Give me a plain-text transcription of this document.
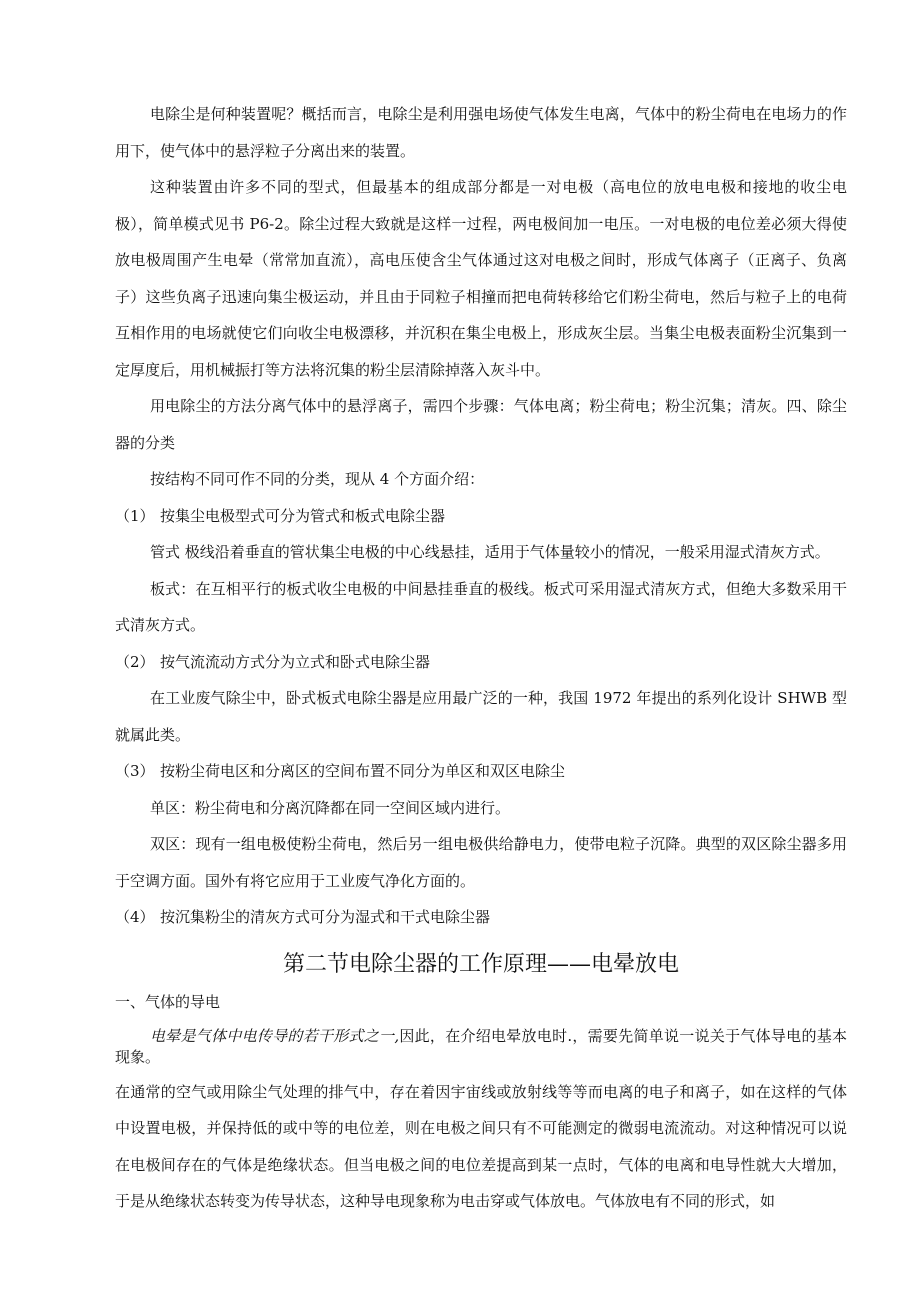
电除尘是何种装置呢？概括而言，电除尘是利用强电场使气体发生电离，气体中的粉尘荷电在电场力的作用下，使气体中的悬浮粒子分离出来的装置。

这种装置由许多不同的型式，但最基本的组成部分都是一对电极（高电位的放电电极和接地的收尘电极），简单模式见书 P6-2。除尘过程大致就是这样一过程，两电极间加一电压。一对电极的电位差必须大得使放电极周围产生电晕（常常加直流），高电压使含尘气体通过这对电极之间时，形成气体离子（正离子、负离子）这些负离子迅速向集尘极运动，并且由于同粒子相撞而把电荷转移给它们粉尘荷电，然后与粒子上的电荷互相作用的电场就使它们向收尘电极漂移，并沉积在集尘电极上，形成灰尘层。当集尘电极表面粉尘沉集到一定厚度后，用机械振打等方法将沉集的粉尘层清除掉落入灰斗中。

用电除尘的方法分离气体中的悬浮离子，需四个步骤：气体电离；粉尘荷电；粉尘沉集；清灰。四、除尘器的分类

按结构不同可作不同的分类，现从 4 个方面介绍：

（1） 按集尘电极型式可分为管式和板式电除尘器

管式 极线沿着垂直的管状集尘电极的中心线悬挂，适用于气体量较小的情况，一般采用湿式清灰方式。

板式：在互相平行的板式收尘电极的中间悬挂垂直的极线。板式可采用湿式清灰方式，但绝大多数采用干式清灰方式。

（2） 按气流流动方式分为立式和卧式电除尘器

在工业废气除尘中，卧式板式电除尘器是应用最广泛的一种，我国 1972 年提出的系列化设计 SHWB 型就属此类。

（3） 按粉尘荷电区和分离区的空间布置不同分为单区和双区电除尘

单区：粉尘荷电和分离沉降都在同一空间区域内进行。

双区：现有一组电极使粉尘荷电，然后另一组电极供给静电力，使带电粒子沉降。典型的双区除尘器多用于空调方面。国外有将它应用于工业废气净化方面的。

（4） 按沉集粉尘的清灰方式可分为湿式和干式电除尘器
第二节电除尘器的工作原理——电晕放电
一、气体的导电

电晕是气体中电传导的若干形式之一,因此，在介绍电晕放电时.，需要先简单说一说关于气体导电的基本现象。

在通常的空气或用除尘气处理的排气中，存在着因宇宙线或放射线等等而电离的电子和离子，如在这样的气体中设置电极，并保持低的或中等的电位差，则在电极之间只有不可能测定的微弱电流流动。对这种情况可以说在电极间存在的气体是绝缘状态。但当电极之间的电位差提高到某一点时，气体的电离和电导性就大大增加，于是从绝缘状态转变为传导状态，这种导电现象称为电击穿或气体放电。气体放电有不同的形式，如
